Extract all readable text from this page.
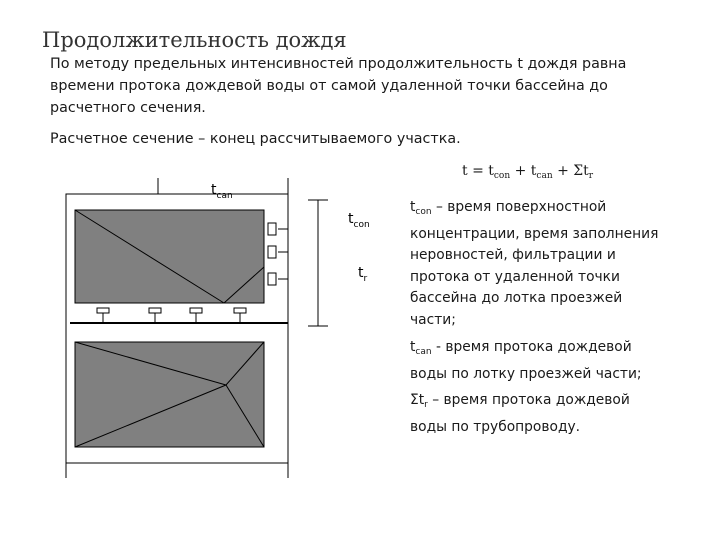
Продолжительность дождя
По методу предельных интенсивностей продолжительность t дождя равна времени протока дождевой воды от самой удаленной точки бассейна до расчетного сечения.
Расчетное сечение – конец рассчитываемого участка.
$t = t_{con} + t_{can} + \Sigma t_r$
$t_{can}$
$t_{con}$
$t_r$
$t_{con}$ – время поверхностной концентрации, время заполнения неровностей, фильтрации и протока от удаленной точки бассейна до лотка проезжей части;
$t_{can}$ - время протока дождевой воды по лотку проезжей части;
$\Sigma t_r$ – время протока дождевой воды по трубопроводу.
